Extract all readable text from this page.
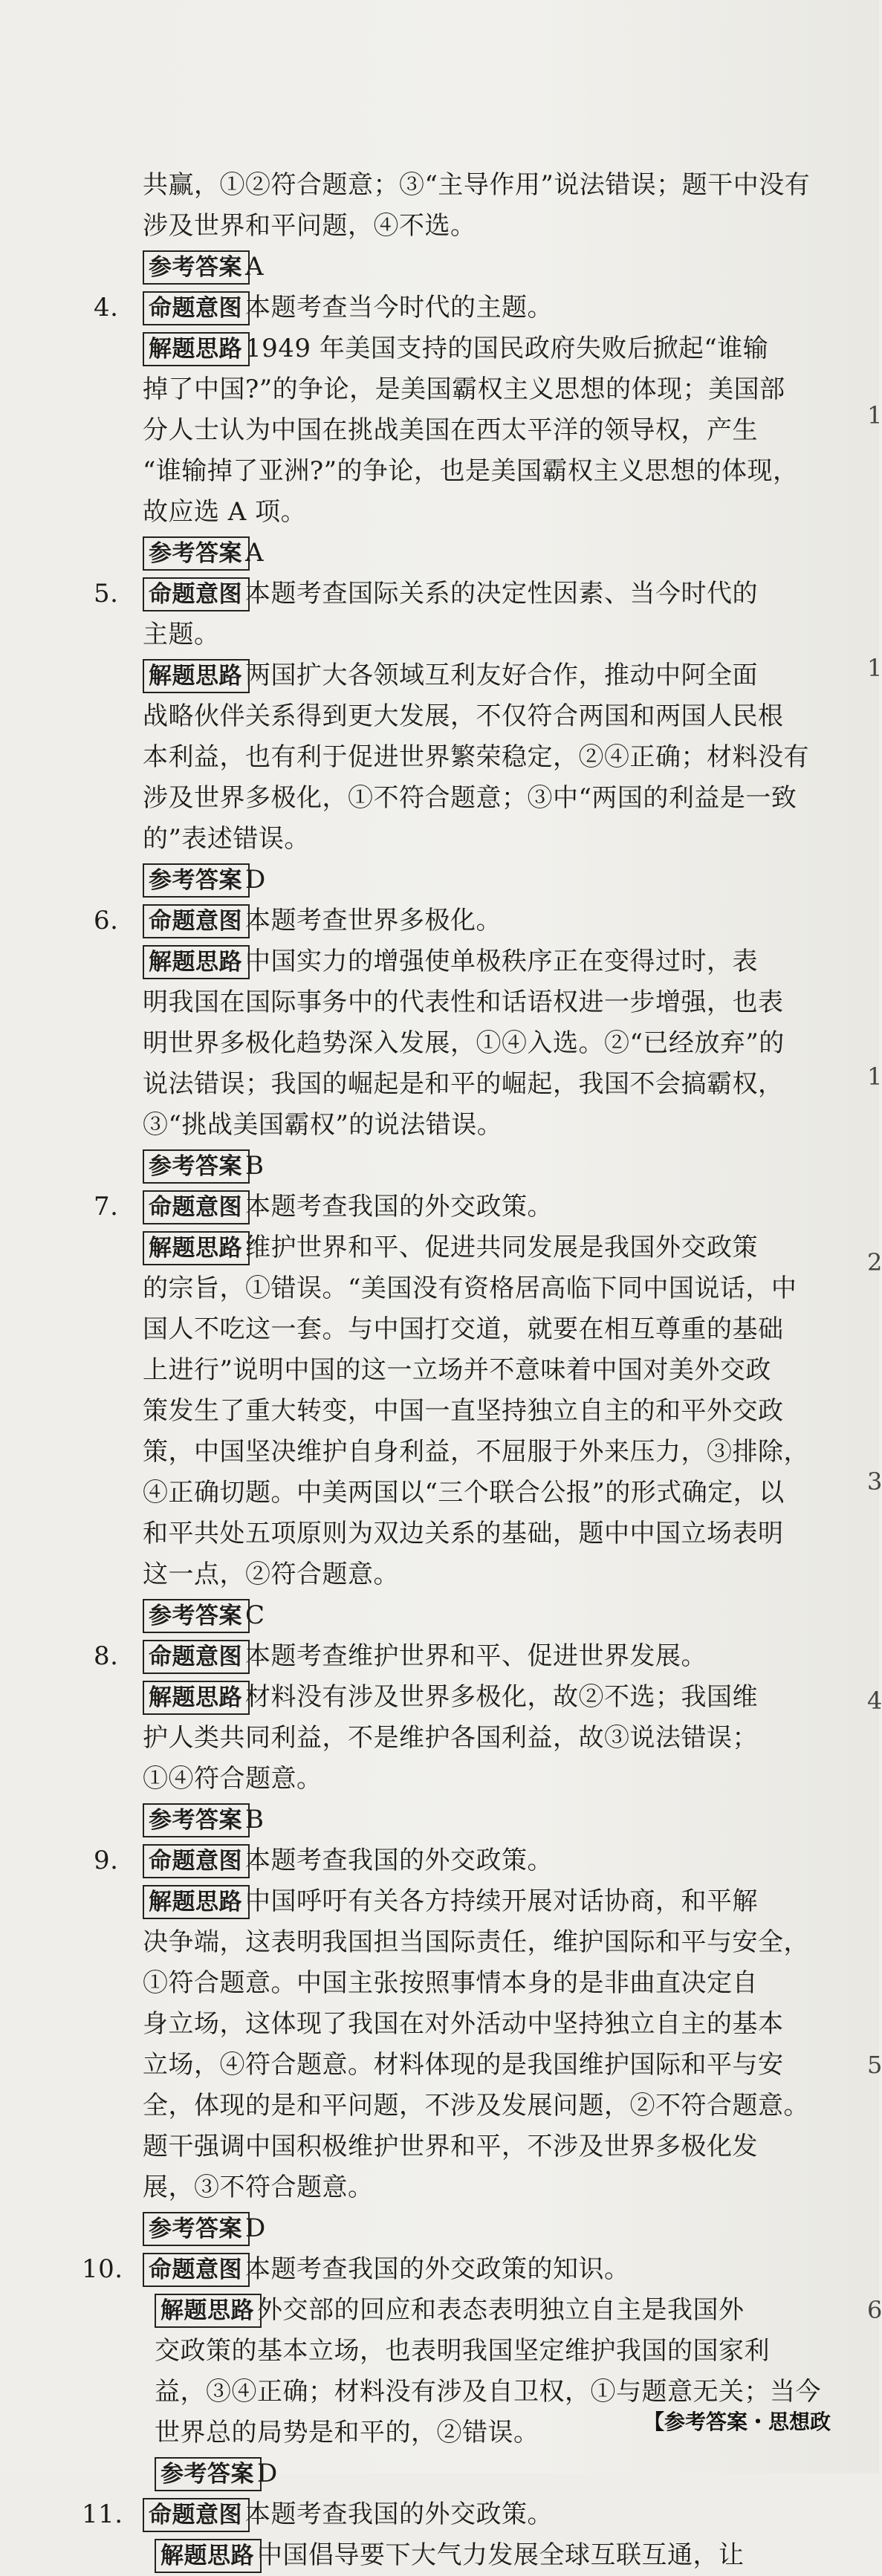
共赢，①②符合题意；③“主导作用”说法错误；题干中没有
涉及世界和平问题，④不选。
参考答案 A
4. 命题意图 本题考查当今时代的主题。
解题思路 1949 年美国支持的国民政府失败后掀起“谁输
掉了中国?”的争论，是美国霸权主义思想的体现；美国部
分人士认为中国在挑战美国在西太平洋的领导权，产生
“谁输掉了亚洲?”的争论，也是美国霸权主义思想的体现，
故应选 A 项。
参考答案 A
5. 命题意图 本题考查国际关系的决定性因素、当今时代的
主题。
解题思路 两国扩大各领域互利友好合作，推动中阿全面
战略伙伴关系得到更大发展，不仅符合两国和两国人民根
本利益，也有利于促进世界繁荣稳定，②④正确；材料没有
涉及世界多极化，①不符合题意；③中“两国的利益是一致
的”表述错误。
参考答案 D
6. 命题意图 本题考查世界多极化。
解题思路 中国实力的增强使单极秩序正在变得过时，表
明我国在国际事务中的代表性和话语权进一步增强，也表
明世界多极化趋势深入发展，①④入选。②“已经放弃”的
说法错误；我国的崛起是和平的崛起，我国不会搞霸权，
③“挑战美国霸权”的说法错误。
参考答案 B
7. 命题意图 本题考查我国的外交政策。
解题思路 维护世界和平、促进共同发展是我国外交政策
的宗旨，①错误。“美国没有资格居高临下同中国说话，中
国人不吃这一套。与中国打交道，就要在相互尊重的基础
上进行”说明中国的这一立场并不意味着中国对美外交政
策发生了重大转变，中国一直坚持独立自主的和平外交政
策，中国坚决维护自身利益，不屈服于外来压力，③排除，
④正确切题。中美两国以“三个联合公报”的形式确定，以
和平共处五项原则为双边关系的基础，题中中国立场表明
这一点，②符合题意。
参考答案 C
8. 命题意图 本题考查维护世界和平、促进世界发展。
解题思路 材料没有涉及世界多极化，故②不选；我国维
护人类共同利益，不是维护各国利益，故③说法错误；
①④符合题意。
参考答案 B
9. 命题意图 本题考查我国的外交政策。
解题思路 中国呼吁有关各方持续开展对话协商，和平解
决争端，这表明我国担当国际责任，维护国际和平与安全，
①符合题意。中国主张按照事情本身的是非曲直决定自
身立场，这体现了我国在对外活动中坚持独立自主的基本
立场，④符合题意。材料体现的是我国维护国际和平与安
全，体现的是和平问题，不涉及发展问题，②不符合题意。
题干强调中国积极维护世界和平，不涉及世界多极化发
展，③不符合题意。
参考答案 D
10. 命题意图 本题考查我国的外交政策的知识。
解题思路 外交部的回应和表态表明独立自主是我国外
交政策的基本立场，也表明我国坚定维护我国的国家利
益，③④正确；材料没有涉及自卫权，①与题意无关；当今
世界总的局势是和平的，②错误。
参考答案 D
11. 命题意图 本题考查我国的外交政策。
解题思路 中国倡导要下大气力发展全球互联互通，让
1
1
1
2
3
4
5
6
【参考答案・思想政
